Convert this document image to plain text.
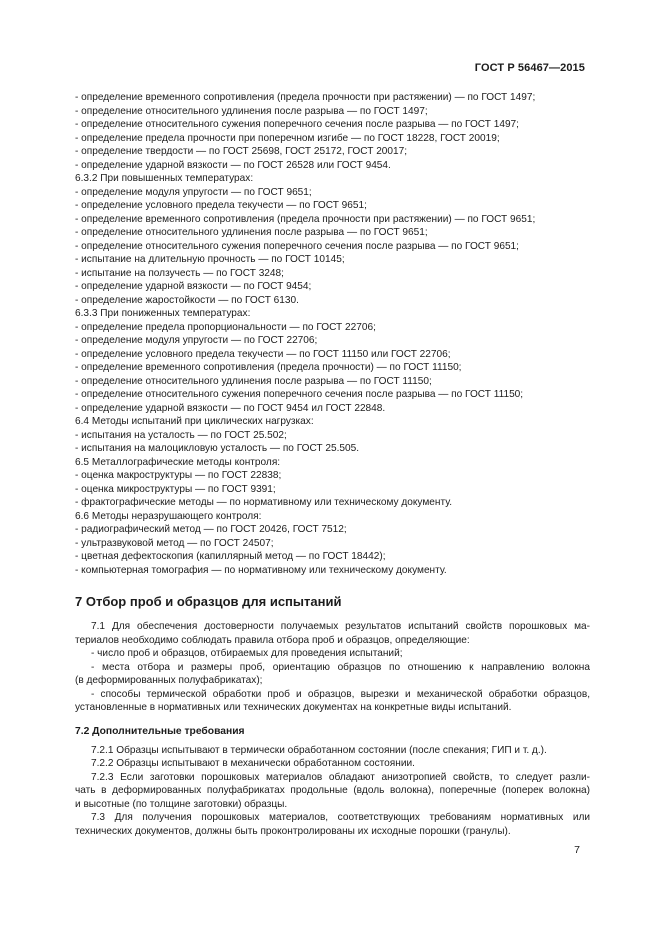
ГОСТ Р 56467—2015
- определение временного сопротивления (предела прочности при растяжении) — по ГОСТ 1497;
- определение относительного удлинения после разрыва — по ГОСТ 1497;
- определение относительного сужения поперечного сечения после разрыва — по ГОСТ 1497;
- определение предела прочности при поперечном изгибе — по ГОСТ 18228, ГОСТ 20019;
- определение твердости — по ГОСТ 25698, ГОСТ 25172, ГОСТ 20017;
- определение ударной вязкости — по ГОСТ 26528 или ГОСТ 9454.
6.3.2 При повышенных температурах:
- определение модуля упругости — по ГОСТ 9651;
- определение условного предела текучести — по ГОСТ 9651;
- определение временного сопротивления (предела прочности при растяжении) — по ГОСТ 9651;
- определение относительного удлинения после разрыва — по ГОСТ 9651;
- определение относительного сужения поперечного сечения после разрыва — по ГОСТ 9651;
- испытание на длительную прочность — по ГОСТ 10145;
- испытание на ползучесть — по ГОСТ 3248;
- определение ударной вязкости — по ГОСТ 9454;
- определение жаростойкости — по ГОСТ 6130.
6.3.3 При пониженных температурах:
- определение предела пропорциональности — по ГОСТ 22706;
- определение модуля упругости — по ГОСТ 22706;
- определение условного предела текучести — по ГОСТ 11150 или ГОСТ 22706;
- определение временного сопротивления (предела прочности) — по ГОСТ 11150;
- определение относительного удлинения после разрыва — по ГОСТ 11150;
- определение относительного сужения поперечного сечения после разрыва — по ГОСТ 11150;
- определение ударной вязкости — по ГОСТ 9454 ил ГОСТ 22848.
6.4 Методы испытаний при циклических нагрузках:
- испытания на усталость — по ГОСТ 25.502;
- испытания на малоцикловую усталость — по ГОСТ 25.505.
6.5 Металлографические методы контроля:
- оценка макроструктуры — по ГОСТ 22838;
- оценка микроструктуры — по ГОСТ 9391;
- фрактографические методы — по нормативному или техническому документу.
6.6 Методы неразрушающего контроля:
- радиографический метод — по ГОСТ 20426, ГОСТ 7512;
- ультразвуковой метод — по ГОСТ 24507;
- цветная дефектоскопия (капиллярный метод — по ГОСТ 18442);
- компьютерная томография — по нормативному или техническому документу.
7 Отбор проб и образцов для испытаний
7.1 Для обеспечения достоверности получаемых результатов испытаний свойств порошковых ма-
териалов необходимо соблюдать правила отбора проб и образцов, определяющие:
- число проб и образцов, отбираемых для проведения испытаний;
- места отбора и размеры проб, ориентацию образцов по отношению к направлению волокна
(в деформированных полуфабрикатах);
- способы термической обработки проб и образцов, вырезки и механической обработки образцов,
установленные в нормативных или технических документах на конкретные виды испытаний.
7.2 Дополнительные требования
7.2.1 Образцы испытывают в термически обработанном состоянии (после спекания; ГИП и т. д.).
7.2.2 Образцы испытывают в механически обработанном состоянии.
7.2.3 Если заготовки порошковых материалов обладают анизотропией свойств, то следует разли-
чать в деформированных полуфабрикатах продольные (вдоль волокна), поперечные (поперек волокна)
и высотные (по толщине заготовки) образцы.
7.3 Для получения порошковых материалов, соответствующих требованиям нормативных или
технических документов, должны быть проконтролированы их исходные порошки (гранулы).
7
